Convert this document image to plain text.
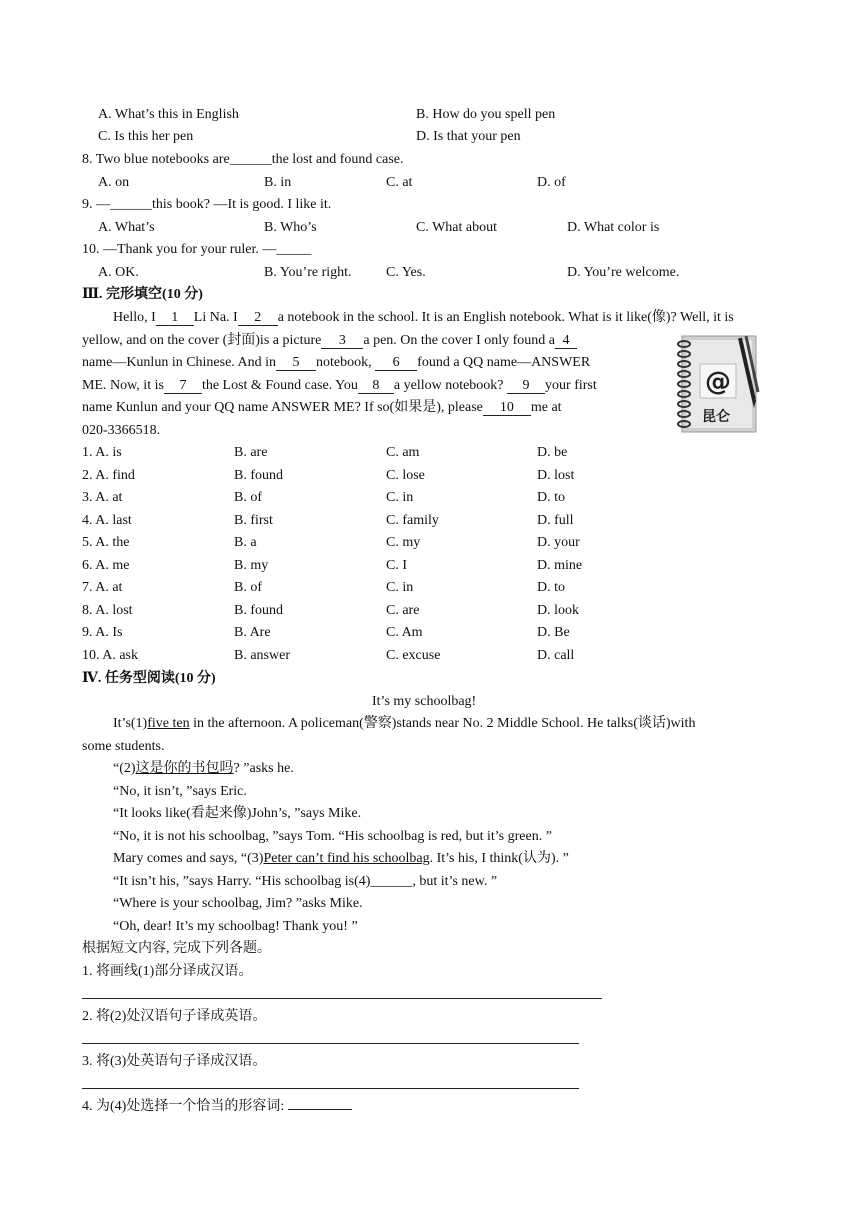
A. What’s this in English	B. How do you spell pen
C. Is this her pen	D. Is that your pen
8. Two blue notebooks are______the lost and found case.
A. on	B. in	C. at	D. of
9. —______this book? —It is good. I like it.
A. What’s	B. Who’s	C. What about	D. What color is
10. —Thank you for your ruler. —_____
A. OK.	B. You’re right. C. Yes.	D. You’re welcome.
Ⅲ. 完形填空(10 分)
Hello, I 1 Li Na. I 2 a notebook in the school. It is an English notebook. What is it like(像)? Well, it is
yellow, and on the cover (封面)is a picture 3 a pen. On the cover I only found a 4
name—Kunlun in Chinese. And in 5 notebook, 6 found a QQ name—ANSWER
ME. Now, it is 7 the Lost & Found case. You 8 a yellow notebook? 9 your first
name Kunlun and your QQ name ANSWER ME? If so(如果是), please 10 me at
020-3366518.
@
昆仑
1. A. is	B. are	C. am	D. be
2. A. find	B. found	C. lose	D. lost
3. A. at	B. of	C. in	D. to
4. A. last	B. first	C. family	D. full
5. A. the	B. a	C. my	D. your
6. A. me	B. my	C. I	D. mine
7. A. at	B. of	C. in	D. to
8. A. lost	B. found	C. are	D. look
9. A. Is	B. Are	C. Am	D. Be
10. A. ask	B. answer	C. excuse	D. call
Ⅳ. 任务型阅读(10 分)
It’s my schoolbag!
It’s(1)five ten in the afternoon. A policeman(警察)stands near No. 2 Middle School. He talks(谈话)with
some students.
“(2)这是你的书包吗? ”asks he.
“No, it isn’t, ”says Eric.
“It looks like(看起来像)John’s, ”says Mike.
“No, it is not his schoolbag, ”says Tom. “His schoolbag is red, but it’s green. ”
Mary comes and says, “(3)Peter can’t find his schoolbag. It’s his, I think(认为). ”
“It isn’t his, ”says Harry. “His schoolbag is(4)______, but it’s new. ”
“Where is your schoolbag, Jim? ”asks Mike.
“Oh, dear! It’s my schoolbag! Thank you! ”
根据短文内容, 完成下列各题。
1. 将画线(1)部分译成汉语。
2. 将(2)处汉语句子译成英语。
3. 将(3)处英语句子译成汉语。
4. 为(4)处选择一个恰当的形容词:
